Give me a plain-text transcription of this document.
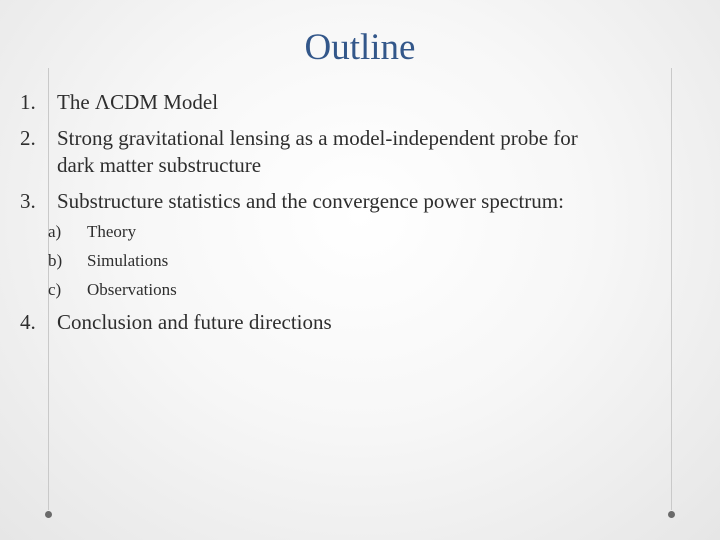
Outline
1.	The ΛCDM Model
2.	Strong gravitational lensing as a model-independent probe for
dark matter substructure
3.	Substructure statistics and the convergence power spectrum:
a)	Theory
b)	Simulations
c)	Observations
4.	Conclusion and future directions
